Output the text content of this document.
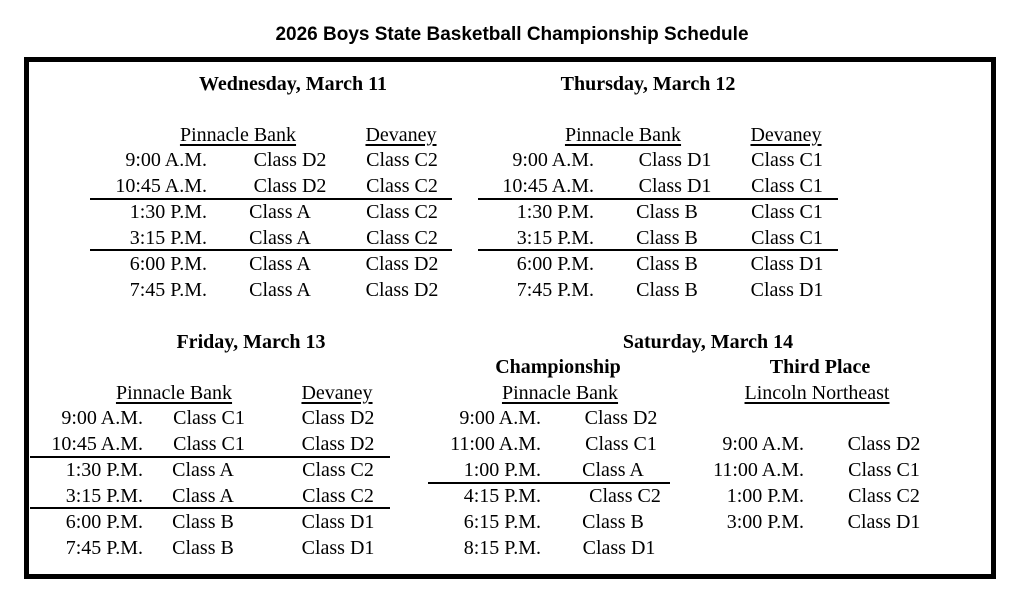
2026 Boys State Basketball Championship Schedule
Wednesday, March 11
Pinnacle Bank	Devaney
9:00 A.M. Class D2 Class C2
10:45 A.M. Class D2 Class C2
1:30 P.M. Class A	Class C2
3:15 P.M. Class A	Class C2
6:00 P.M. Class A	Class D2
7:45 P.M. Class A	Class D2
Thursday, March 12
Pinnacle Bank	Devaney
9:00 A.M. Class D1 Class C1
10:45 A.M. Class D1 Class C1
1:30 P.M. Class B	Class C1
3:15 P.M. Class B	Class C1
6:00 P.M. Class B	Class D1
7:45 P.M. Class B	Class D1
Friday, March 13
Pinnacle Bank	Devaney
9:00 A.M. Class C1	Class D2
10:45 A.M. Class C1	Class D2
1:30 P.M. Class A	Class C2
3:15 P.M. Class A	Class C2
6:00 P.M. Class B	Class D1
7:45 P.M. Class B	Class D1
Saturday, March 14
Championship
Pinnacle Bank
9:00 A.M. Class D2
11:00 A.M. Class C1
1:00 P.M. Class A
4:15 P.M. Class C2
6:15 P.M. Class B
8:15 P.M. Class D1
Third Place
Lincoln Northeast
9:00 A.M. Class D2
11:00 A.M. Class C1
1:00 P.M. Class C2
3:00 P.M. Class D1
